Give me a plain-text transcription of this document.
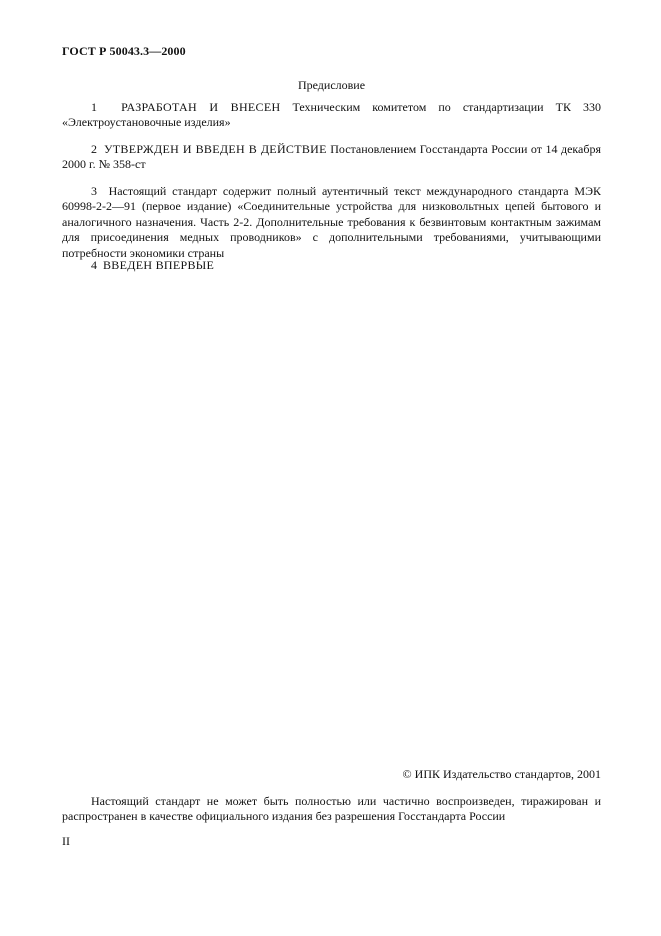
ГОСТ Р 50043.3—2000
Предисловие

1 РАЗРАБОТАН И ВНЕСЕН Техническим комитетом по стандартизации ТК 330 «Электроустановочные изделия»

2 УТВЕРЖДЕН И ВВЕДЕН В ДЕЙСТВИЕ Постановлением Госстандарта России от 14 декабря 2000 г. № 358-ст

3 Настоящий стандарт содержит полный аутентичный текст международного стандарта МЭК 60998-2-2—91 (первое издание) «Соединительные устройства для низковольтных цепей бытового и аналогичного назначения. Часть 2-2. Дополнительные требования к безвинтовым контактным зажимам для присоединения медных проводников» с дополнительными требованиями, учитывающими потребности экономики страны

4 ВВЕДЕН ВПЕРВЫЕ

© ИПК Издательство стандартов, 2001

Настоящий стандарт не может быть полностью или частично воспроизведен, тиражирован и распространен в качестве официального издания без разрешения Госстандарта России

II
